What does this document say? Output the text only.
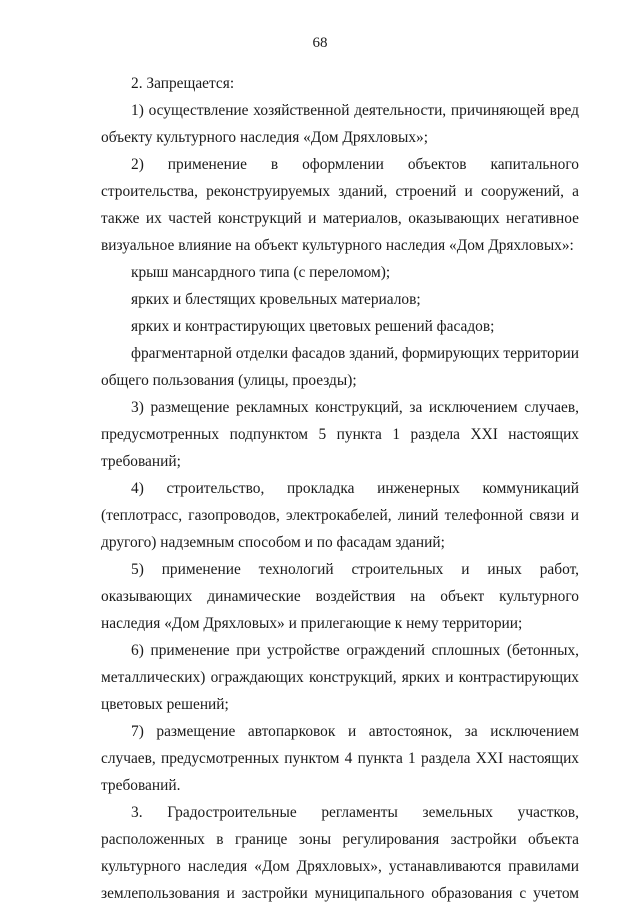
68

2. Запрещается:

1) осуществление хозяйственной деятельности, причиняющей вред объекту культурного наследия «Дом Дряхловых»;

2) применение в оформлении объектов капитального строительства, реконструируемых зданий, строений и сооружений, а также их частей конструкций и материалов, оказывающих негативное визуальное влияние на объект культурного наследия «Дом Дряхловых»:

крыш мансардного типа (с переломом);

ярких и блестящих кровельных материалов;

ярких и контрастирующих цветовых решений фасадов;

фрагментарной отделки фасадов зданий, формирующих территории общего пользования (улицы, проезды);

3) размещение рекламных конструкций, за исключением случаев, предусмотренных подпунктом 5 пункта 1 раздела XXI настоящих требований;

4) строительство, прокладка инженерных коммуникаций (теплотрасс, газопроводов, электрокабелей, линий телефонной связи и другого) надземным способом и по фасадам зданий;

5) применение технологий строительных и иных работ, оказывающих динамические воздействия на объект культурного наследия «Дом Дряхловых» и прилегающие к нему территории;

6) применение при устройстве ограждений сплошных (бетонных, металлических) ограждающих конструкций, ярких и контрастирующих цветовых решений;

7) размещение автопарковок и автостоянок, за исключением случаев, предусмотренных пунктом 4 пункта 1 раздела XXI настоящих требований.

3. Градостроительные регламенты земельных участков, расположенных в границе зоны регулирования застройки объекта культурного наследия «Дом Дряхловых», устанавливаются правилами землепользования и застройки муниципального образования с учетом
